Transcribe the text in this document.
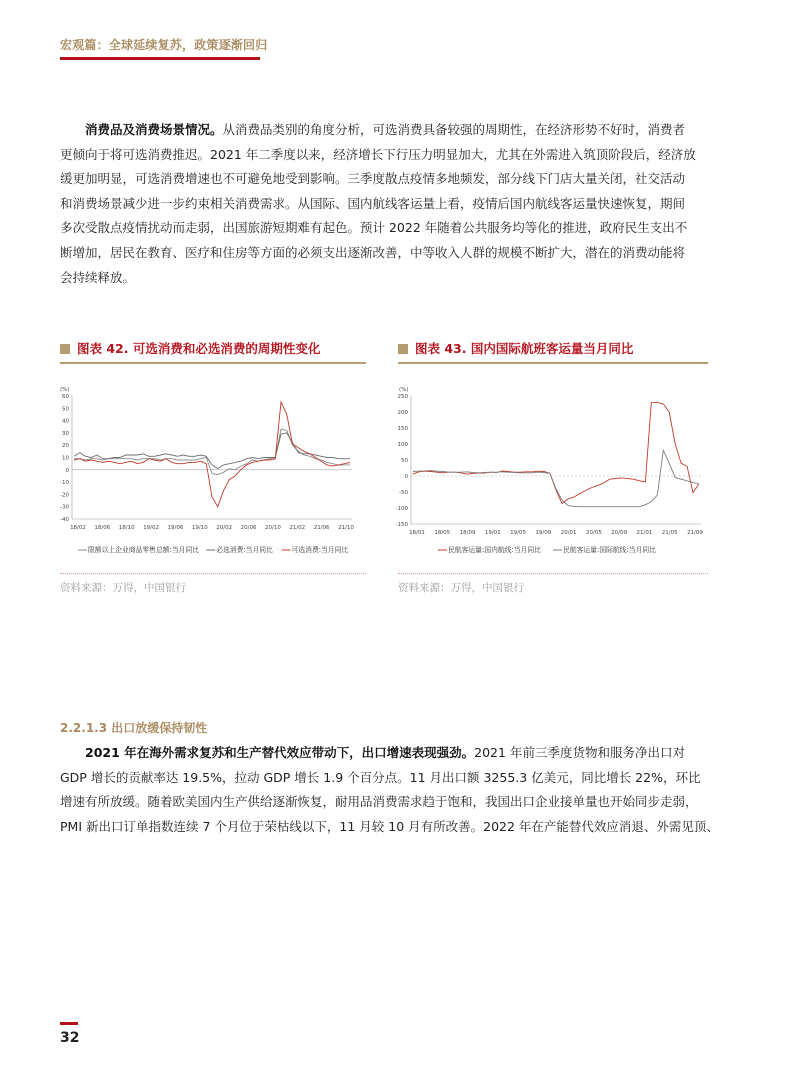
宏观篇：全球延续复苏，政策逐渐回归
消费品及消费场景情况。从消费品类别的角度分析，可选消费具备较强的周期性，在经济形势不好时，消费者
更倾向于将可选消费推迟。2021 年二季度以来，经济增长下行压力明显加大，尤其在外需进入筑顶阶段后，经济放
缓更加明显，可选消费增速也不可避免地受到影响。三季度散点疫情多地频发，部分线下门店大量关闭，社交活动
和消费场景减少进一步约束相关消费需求。从国际、国内航线客运量上看，疫情后国内航线客运量快速恢复，期间
多次受散点疫情扰动而走弱，出国旅游短期难有起色。预计 2022 年随着公共服务均等化的推进，政府民生支出不
断增加，居民在教育、医疗和住房等方面的必须支出逐渐改善，中等收入人群的规模不断扩大，潜在的消费动能将
会持续释放。
图表 42. 可选消费和必选消费的周期性变化
(%)
-40
-30
-20
-10
0
10
20
30
40
50
60
18/02 18/06 18/10 19/02 19/06 19/10 20/02 20/06 20/10 21/02 21/06 21/10
限额以上企业商品零售总额:当月同比	必选消费:当月同比	可选消费:当月同比
资料来源：万得，中国银行
图表 43. 国内国际航班客运量当月同比
(%)
-150
-100
-50
0
50
100
150
200
250
18/01 18/05 18/09 19/01 19/05 19/09 20/01 20/05 20/09 21/01 21/05 21/09
民航客运量:国内航线:当月同比	民航客运量:国际航线:当月同比
资料来源：万得，中国银行
2.2.1.3 出口放缓保持韧性
2021 年在海外需求复苏和生产替代效应带动下，出口增速表现强劲。2021 年前三季度货物和服务净出口对
GDP 增长的贡献率达 19.5%，拉动 GDP 增长 1.9 个百分点。11 月出口额 3255.3 亿美元，同比增长 22%，环比
增速有所放缓。随着欧美国内生产供给逐渐恢复，耐用品消费需求趋于饱和，我国出口企业接单量也开始同步走弱，
PMI 新出口订单指数连续 7 个月位于荣枯线以下，11 月较 10 月有所改善。2022 年在产能替代效应消退、外需见顶、
32
